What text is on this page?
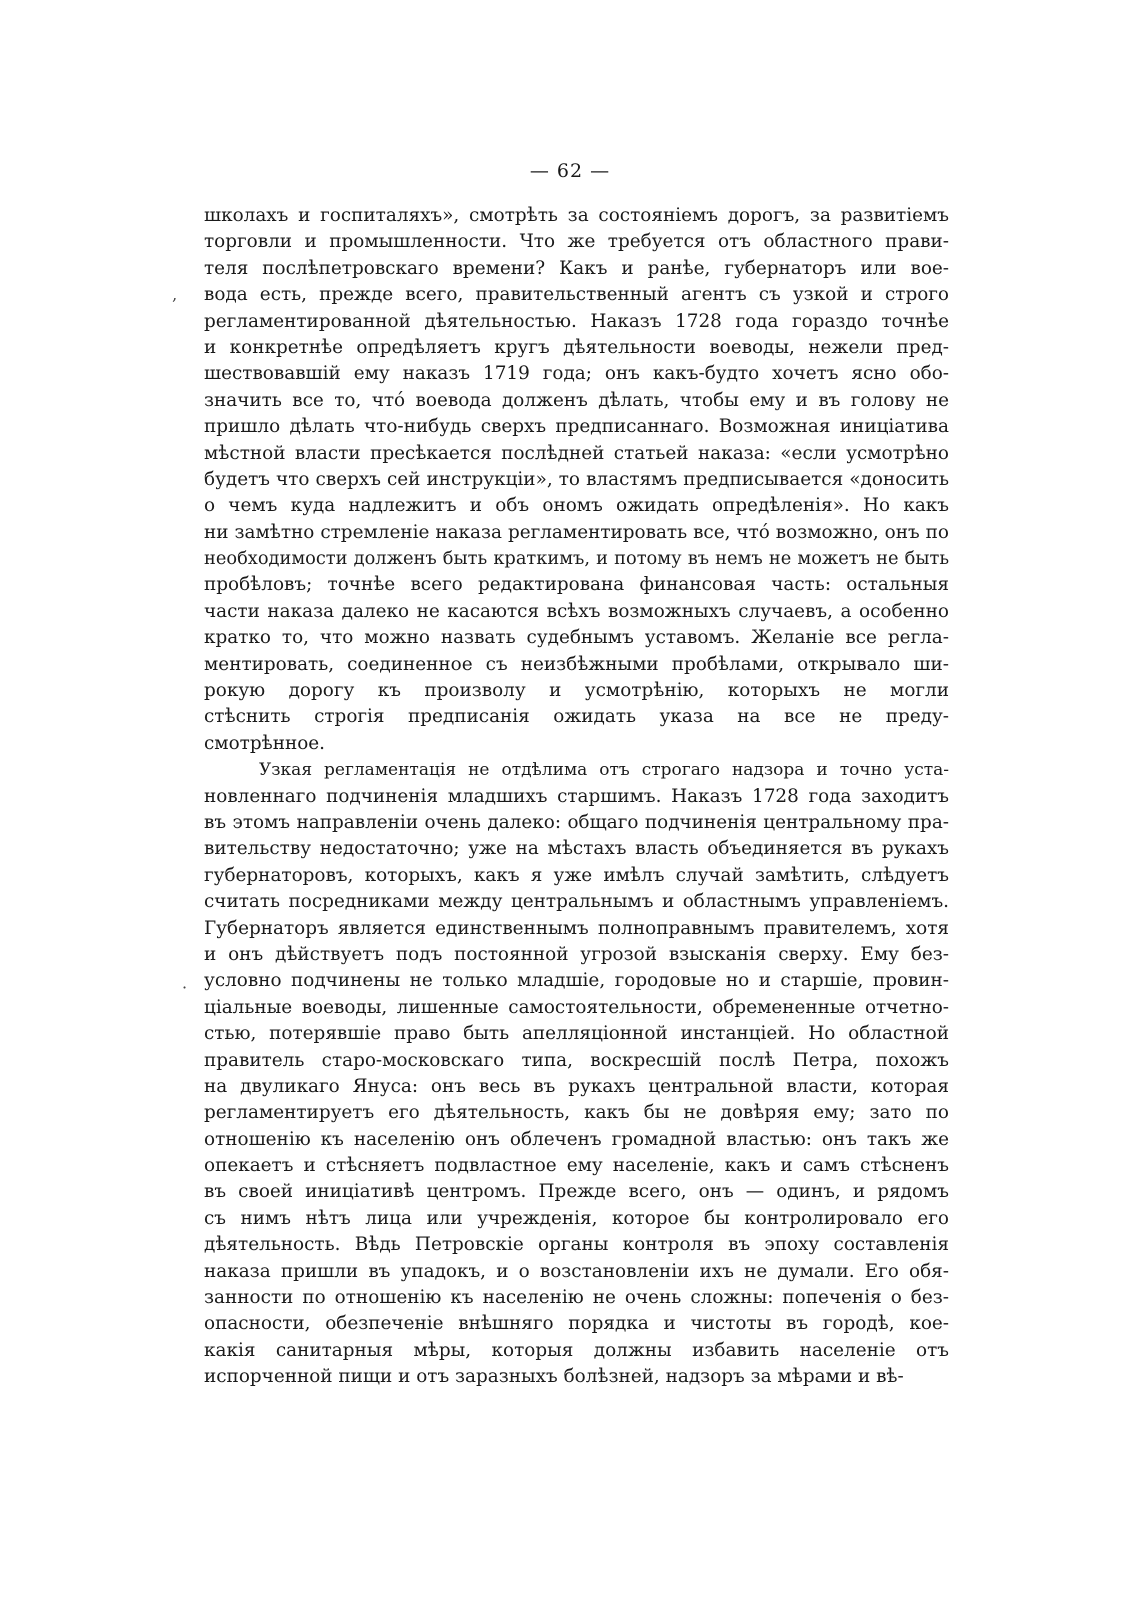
‚
·
— 62 —
школахъ и госпиталяхъ», смотрѣть за состояніемъ дорогъ, за развитіемъ
торговли и промышленности. Что же требуется отъ областного прави-
теля послѣпетровскаго времени? Какъ и ранѣе, губернаторъ или вое-
вода есть, прежде всего, правительственный агентъ съ узкой и строго
регламентированной дѣятельностью. Наказъ 1728 года гораздо точнѣе
и конкретнѣе опредѣляетъ кругъ дѣятельности воеводы, нежели пред-
шествовавшій ему наказъ 1719 года; онъ какъ-будто хочетъ ясно обо-
значить все то, что́ воевода долженъ дѣлать, чтобы ему и въ голову не
пришло дѣлать что-нибудь сверхъ предписаннаго. Возможная иниціатива
мѣстной власти пресѣкается послѣдней статьей наказа: «если усмотрѣно
будетъ что сверхъ сей инструкціи», то властямъ предписывается «доносить
о чемъ куда надлежитъ и объ ономъ ожидать опредѣленія». Но какъ
ни замѣтно стремленіе наказа регламентировать все, что́ возможно, онъ по
необходимости долженъ быть краткимъ, и потому въ немъ не можетъ не быть
пробѣловъ; точнѣе всего редактирована финансовая часть: остальныя
части наказа далеко не касаются всѣхъ возможныхъ случаевъ, а особенно
кратко то, что можно назвать судебнымъ уставомъ. Желаніе все регла-
ментировать, соединенное съ неизбѣжными пробѣлами, открывало ши-
рокую дорогу къ произволу и усмотрѣнію, которыхъ не могли
стѣснить строгія предписанія ожидать указа на все не преду-
смотрѣнное.
Узкая регламентація не отдѣлима отъ строгаго надзора и точно уста-
новленнаго подчиненія младшихъ старшимъ. Наказъ 1728 года заходитъ
въ этомъ направленіи очень далеко: общаго подчиненія центральному пра-
вительству недостаточно; уже на мѣстахъ власть объединяется въ рукахъ
губернаторовъ, которыхъ, какъ я уже имѣлъ случай замѣтить, слѣдуетъ
считать посредниками между центральнымъ и областнымъ управленіемъ.
Губернаторъ является единственнымъ полноправнымъ правителемъ, хотя
и онъ дѣйствуетъ подъ постоянной угрозой взысканія сверху. Ему без-
условно подчинены не только младшіе, городовые но и старшіе, провин-
ціальные воеводы, лишенные самостоятельности, обремененные отчетно-
стью, потерявшіе право быть апелляціонной инстанціей. Но областной
правитель старо-московскаго типа, воскресшій послѣ Петра, похожъ
на двуликаго Януса: онъ весь въ рукахъ центральной власти, которая
регламентируетъ его дѣятельность, какъ бы не довѣряя ему; зато по
отношенію къ населенію онъ облеченъ громадной властью: онъ такъ же
опекаетъ и стѣсняетъ подвластное ему населеніе, какъ и самъ стѣсненъ
въ своей иниціативѣ центромъ. Прежде всего, онъ — одинъ, и рядомъ
съ нимъ нѣтъ лица или учрежденія, которое бы контролировало его
дѣятельность. Вѣдь Петровскіе органы контроля въ эпоху составленія
наказа пришли въ упадокъ, и о возстановленіи ихъ не думали. Его обя-
занности по отношенію къ населенію не очень сложны: попеченія о без-
опасности, обезпеченіе внѣшняго порядка и чистоты въ городѣ, кое-
какія санитарныя мѣры, которыя должны избавить населеніе отъ
испорченной пищи и отъ заразныхъ болѣзней, надзоръ за мѣрами и вѣ-
